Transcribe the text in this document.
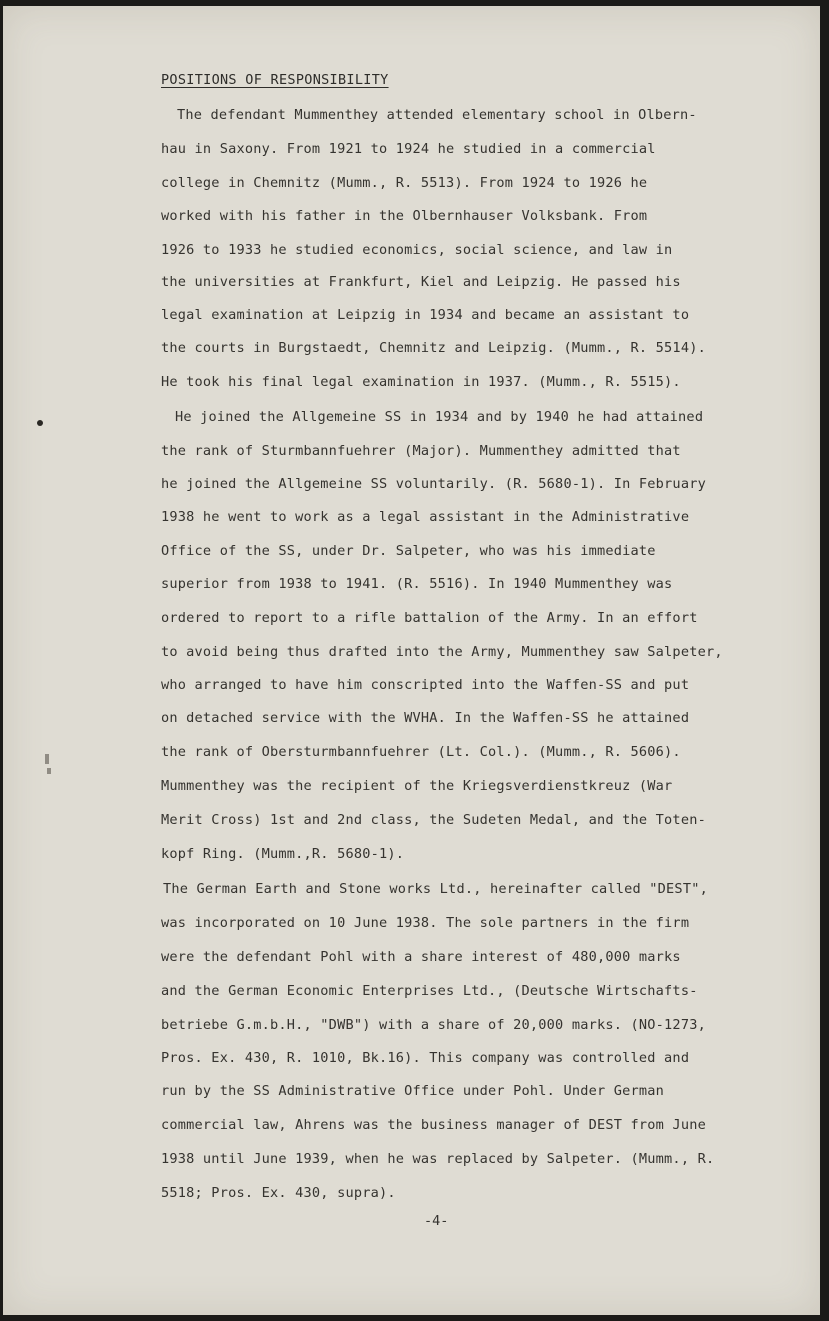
POSITIONS OF RESPONSIBILITY
The defendant Mummenthey attended elementary school in Olbern-
hau in Saxony. From 1921 to 1924 he studied in a commercial
college in Chemnitz (Mumm., R. 5513). From 1924 to 1926 he
worked with his father in the Olbernhauser Volksbank. From
1926 to 1933 he studied economics, social science, and law in
the universities at Frankfurt, Kiel and Leipzig. He passed his
legal examination at Leipzig in 1934 and became an assistant to
the courts in Burgstaedt, Chemnitz and Leipzig. (Mumm., R. 5514).
He took his final legal examination in 1937. (Mumm., R. 5515).
He joined the Allgemeine SS in 1934 and by 1940 he had attained
the rank of Sturmbannfuehrer (Major). Mummenthey admitted that
he joined the Allgemeine SS voluntarily. (R. 5680-1). In February
1938 he went to work as a legal assistant in the Administrative
Office of the SS, under Dr. Salpeter, who was his immediate
superior from 1938 to 1941. (R. 5516). In 1940 Mummenthey was
ordered to report to a rifle battalion of the Army. In an effort
to avoid being thus drafted into the Army, Mummenthey saw Salpeter,
who arranged to have him conscripted into the Waffen-SS and put
on detached service with the WVHA. In the Waffen-SS he attained
the rank of Obersturmbannfuehrer (Lt. Col.). (Mumm., R. 5606).
Mummenthey was the recipient of the Kriegsverdienstkreuz (War
Merit Cross) 1st and 2nd class, the Sudeten Medal, and the Toten-
kopf Ring. (Mumm.,R. 5680-1).
The German Earth and Stone works Ltd., hereinafter called "DEST",
was incorporated on 10 June 1938. The sole partners in the firm
were the defendant Pohl with a share interest of 480,000 marks
and the German Economic Enterprises Ltd., (Deutsche Wirtschafts-
betriebe G.m.b.H., "DWB") with a share of 20,000 marks. (NO-1273,
Pros. Ex. 430, R. 1010, Bk.16). This company was controlled and
run by the SS Administrative Office under Pohl. Under German
commercial law, Ahrens was the business manager of DEST from June
1938 until June 1939, when he was replaced by Salpeter. (Mumm., R.
5518; Pros. Ex. 430, supra).
-4-
